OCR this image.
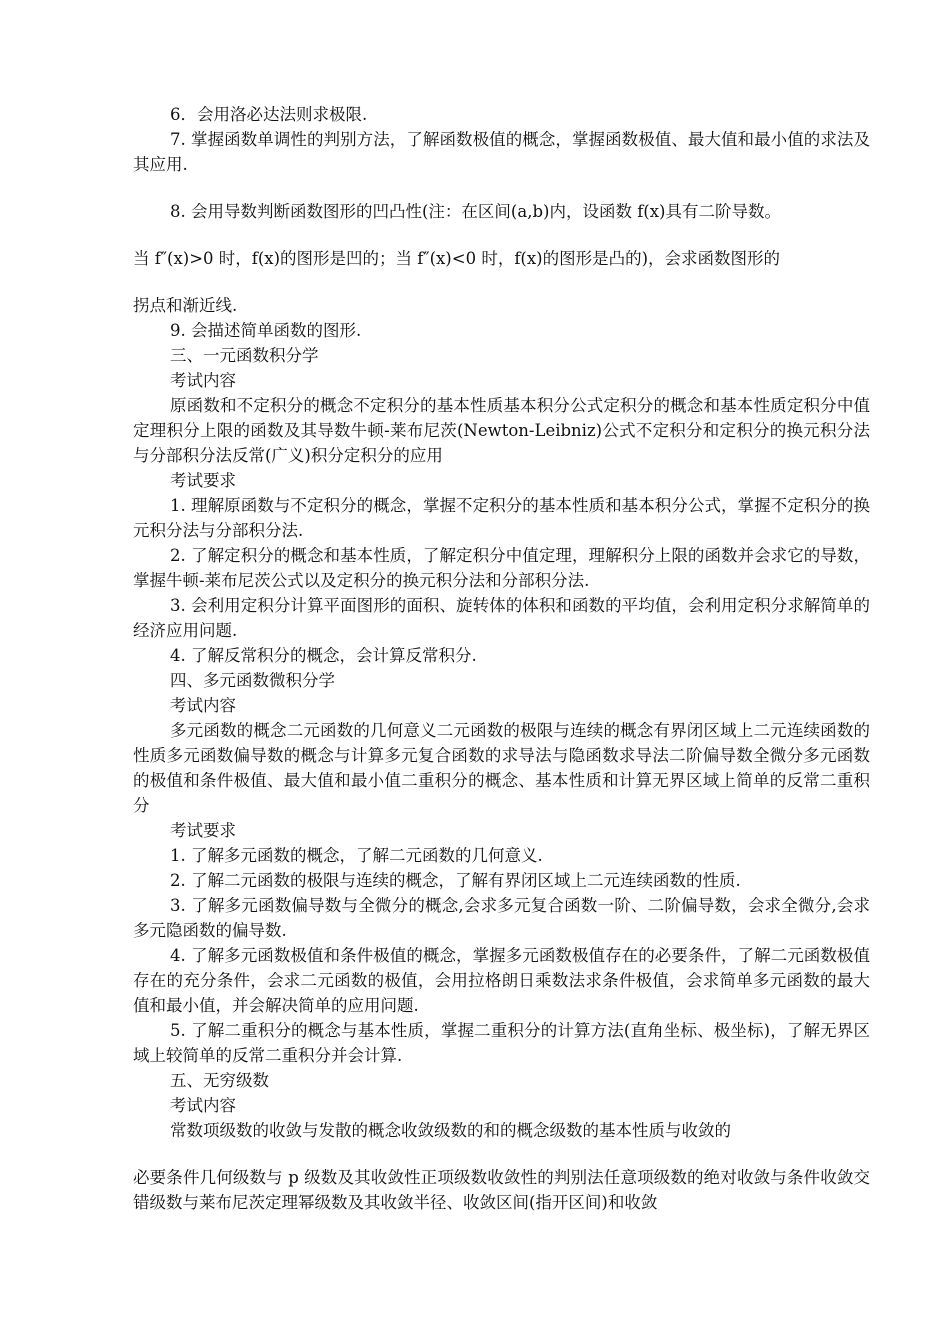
6．会用洛必达法则求极限.

7. 掌握函数单调性的判别方法，了解函数极值的概念，掌握函数极值、最大值和最小值的求法及其应用.

8. 会用导数判断函数图形的凹凸性(注：在区间(a,b)内，设函数 f(x)具有二阶导数。

当 f″(x)>0 时，f(x)的图形是凹的；当 f″(x)<0 时，f(x)的图形是凸的)，会求函数图形的

拐点和渐近线.

9. 会描述简单函数的图形.

三、一元函数积分学

考试内容

原函数和不定积分的概念不定积分的基本性质基本积分公式定积分的概念和基本性质定积分中值定理积分上限的函数及其导数牛顿-莱布尼茨(Newton-Leibniz)公式不定积分和定积分的换元积分法与分部积分法反常(广义)积分定积分的应用

考试要求

1. 理解原函数与不定积分的概念，掌握不定积分的基本性质和基本积分公式，掌握不定积分的换元积分法与分部积分法.

2. 了解定积分的概念和基本性质，了解定积分中值定理，理解积分上限的函数并会求它的导数，掌握牛顿-莱布尼茨公式以及定积分的换元积分法和分部积分法.

3. 会利用定积分计算平面图形的面积、旋转体的体积和函数的平均值，会利用定积分求解简单的经济应用问题.

4. 了解反常积分的概念，会计算反常积分.

四、多元函数微积分学

考试内容

多元函数的概念二元函数的几何意义二元函数的极限与连续的概念有界闭区域上二元连续函数的性质多元函数偏导数的概念与计算多元复合函数的求导法与隐函数求导法二阶偏导数全微分多元函数的极值和条件极值、最大值和最小值二重积分的概念、基本性质和计算无界区域上简单的反常二重积分

考试要求

1. 了解多元函数的概念，了解二元函数的几何意义.

2. 了解二元函数的极限与连续的概念，了解有界闭区域上二元连续函数的性质.

3. 了解多元函数偏导数与全微分的概念,会求多元复合函数一阶、二阶偏导数，会求全微分,会求多元隐函数的偏导数.

4. 了解多元函数极值和条件极值的概念，掌握多元函数极值存在的必要条件，了解二元函数极值存在的充分条件，会求二元函数的极值，会用拉格朗日乘数法求条件极值，会求简单多元函数的最大值和最小值，并会解决简单的应用问题.

5. 了解二重积分的概念与基本性质，掌握二重积分的计算方法(直角坐标、极坐标)，了解无界区域上较简单的反常二重积分并会计算.

五、无穷级数

考试内容

常数项级数的收敛与发散的概念收敛级数的和的概念级数的基本性质与收敛的

必要条件几何级数与 p 级数及其收敛性正项级数收敛性的判别法任意项级数的绝对收敛与条件收敛交错级数与莱布尼茨定理幂级数及其收敛半径、收敛区间(指开区间)和收敛
